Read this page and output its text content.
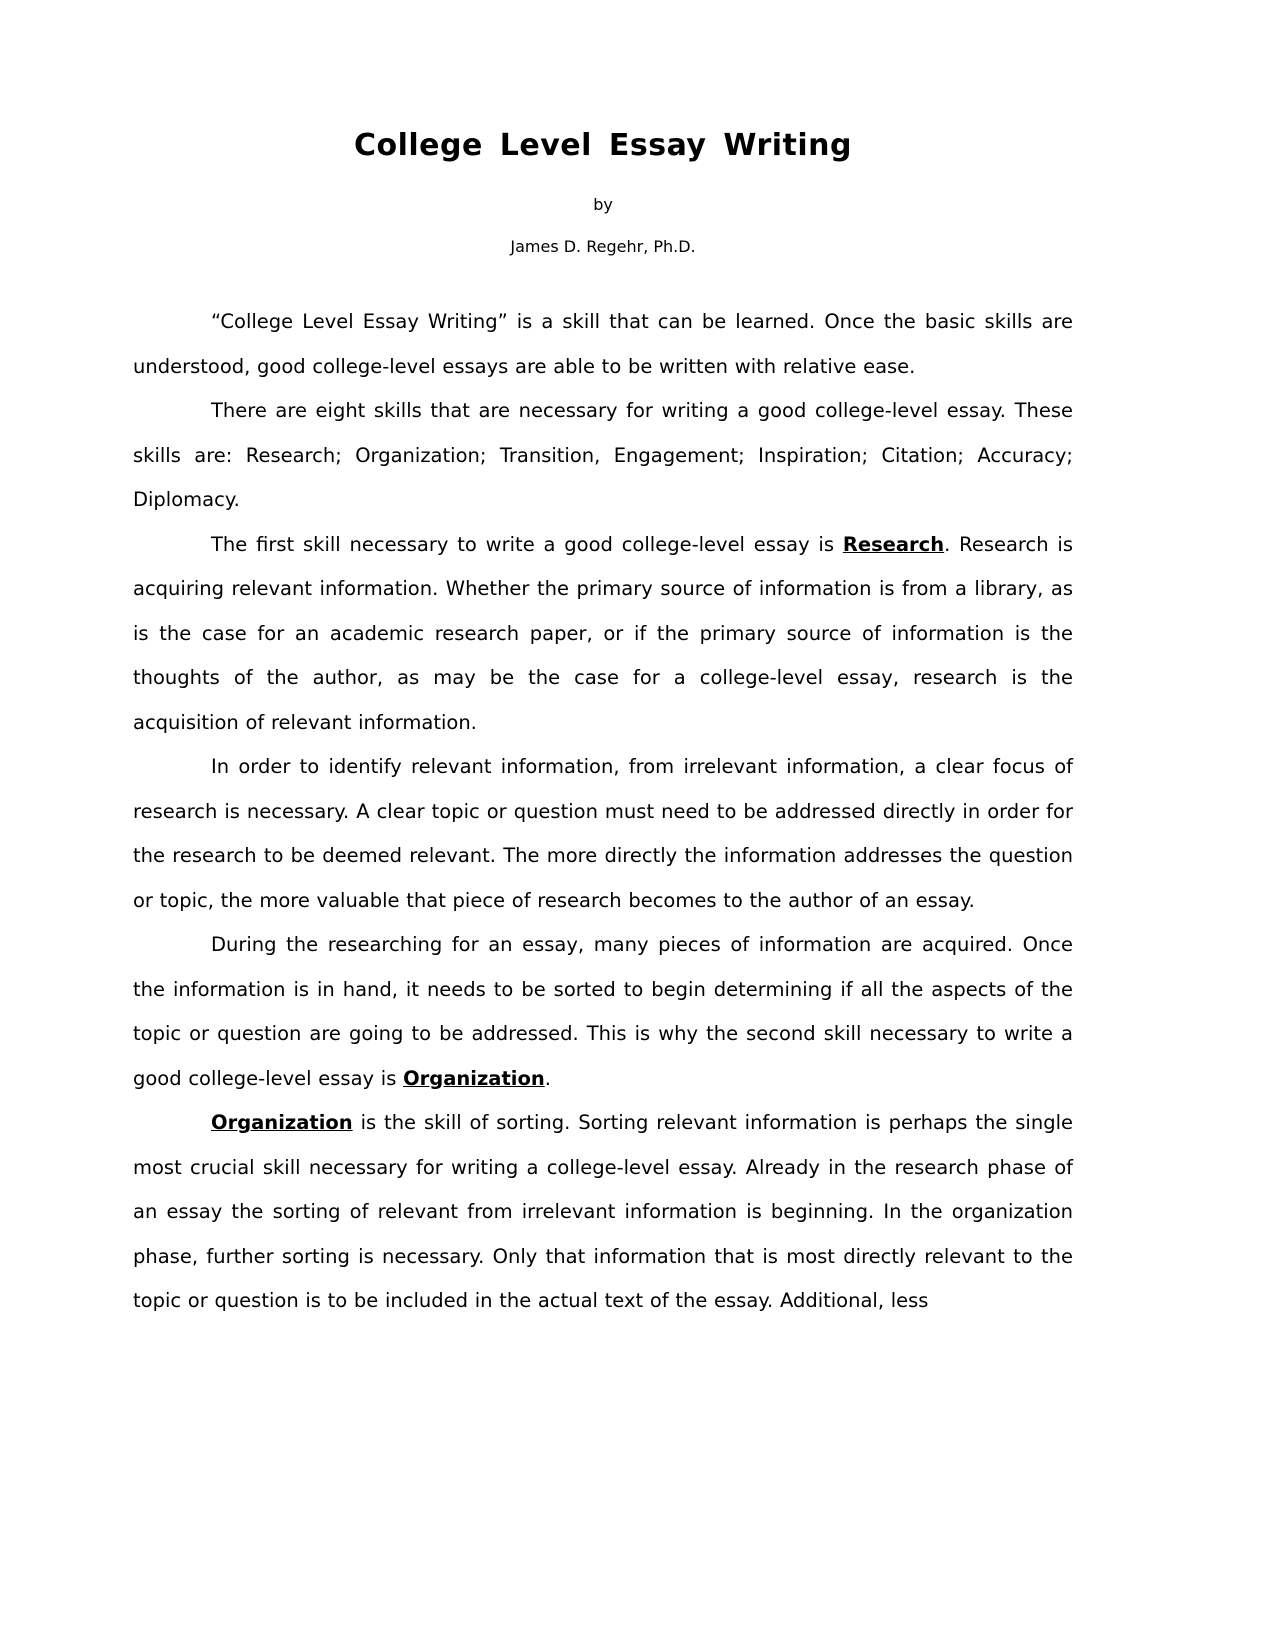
College Level Essay Writing
by
James D. Regehr, Ph.D.

“College Level Essay Writing” is a skill that can be learned. Once the basic skills are understood, good college-level essays are able to be written with relative ease.

There are eight skills that are necessary for writing a good college-level essay. These skills are: Research; Organization; Transition, Engagement; Inspiration; Citation; Accuracy; Diplomacy.

The first skill necessary to write a good college-level essay is Research. Research is acquiring relevant information. Whether the primary source of information is from a library, as is the case for an academic research paper, or if the primary source of information is the thoughts of the author, as may be the case for a college-level essay, research is the acquisition of relevant information.

In order to identify relevant information, from irrelevant information, a clear focus of research is necessary. A clear topic or question must need to be addressed directly in order for the research to be deemed relevant. The more directly the information addresses the question or topic, the more valuable that piece of research becomes to the author of an essay.

During the researching for an essay, many pieces of information are acquired. Once the information is in hand, it needs to be sorted to begin determining if all the aspects of the topic or question are going to be addressed. This is why the second skill necessary to write a good college-level essay is Organization.

Organization is the skill of sorting. Sorting relevant information is perhaps the single most crucial skill necessary for writing a college-level essay. Already in the research phase of an essay the sorting of relevant from irrelevant information is beginning. In the organization phase, further sorting is necessary. Only that information that is most directly relevant to the topic or question is to be included in the actual text of the essay. Additional, less
